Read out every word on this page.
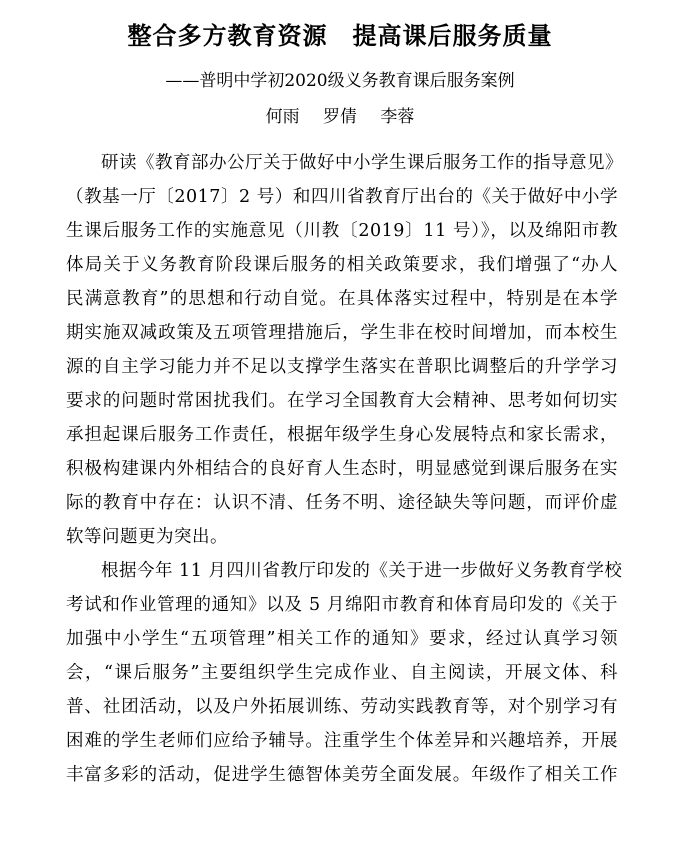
整合多方教育资源　提高课后服务质量
——普明中学初2020级义务教育课后服务案例
何雨 罗倩 李蓉
研读《教育部办公厅关于做好中小学生课后服务工作的指导意见》
（教基一厅〔2017〕2 号）和四川省教育厅出台的《关于做好中小学
生课后服务工作的实施意见（川教〔2019〕11 号）》，以及绵阳市教
体局关于义务教育阶段课后服务的相关政策要求，我们增强了“办人
民满意教育”的思想和行动自觉。在具体落实过程中，特别是在本学
期实施双减政策及五项管理措施后，学生非在校时间增加，而本校生
源的自主学习能力并不足以支撑学生落实在普职比调整后的升学学习
要求的问题时常困扰我们。在学习全国教育大会精神、思考如何切实
承担起课后服务工作责任，根据年级学生身心发展特点和家长需求，
积极构建课内外相结合的良好育人生态时，明显感觉到课后服务在实
际的教育中存在：认识不清、任务不明、途径缺失等问题，而评价虚
软等问题更为突出。
根据今年 11 月四川省教厅印发的《关于进一步做好义务教育学校
考试和作业管理的通知》以及 5 月绵阳市教育和体育局印发的《关于
加强中小学生“五项管理”相关工作的通知》要求，经过认真学习领
会，“课后服务”主要组织学生完成作业、自主阅读，开展文体、科
普、社团活动，以及户外拓展训练、劳动实践教育等，对个别学习有
困难的学生老师们应给予辅导。注重学生个体差异和兴趣培养，开展
丰富多彩的活动，促进学生德智体美劳全面发展。年级作了相关工作
